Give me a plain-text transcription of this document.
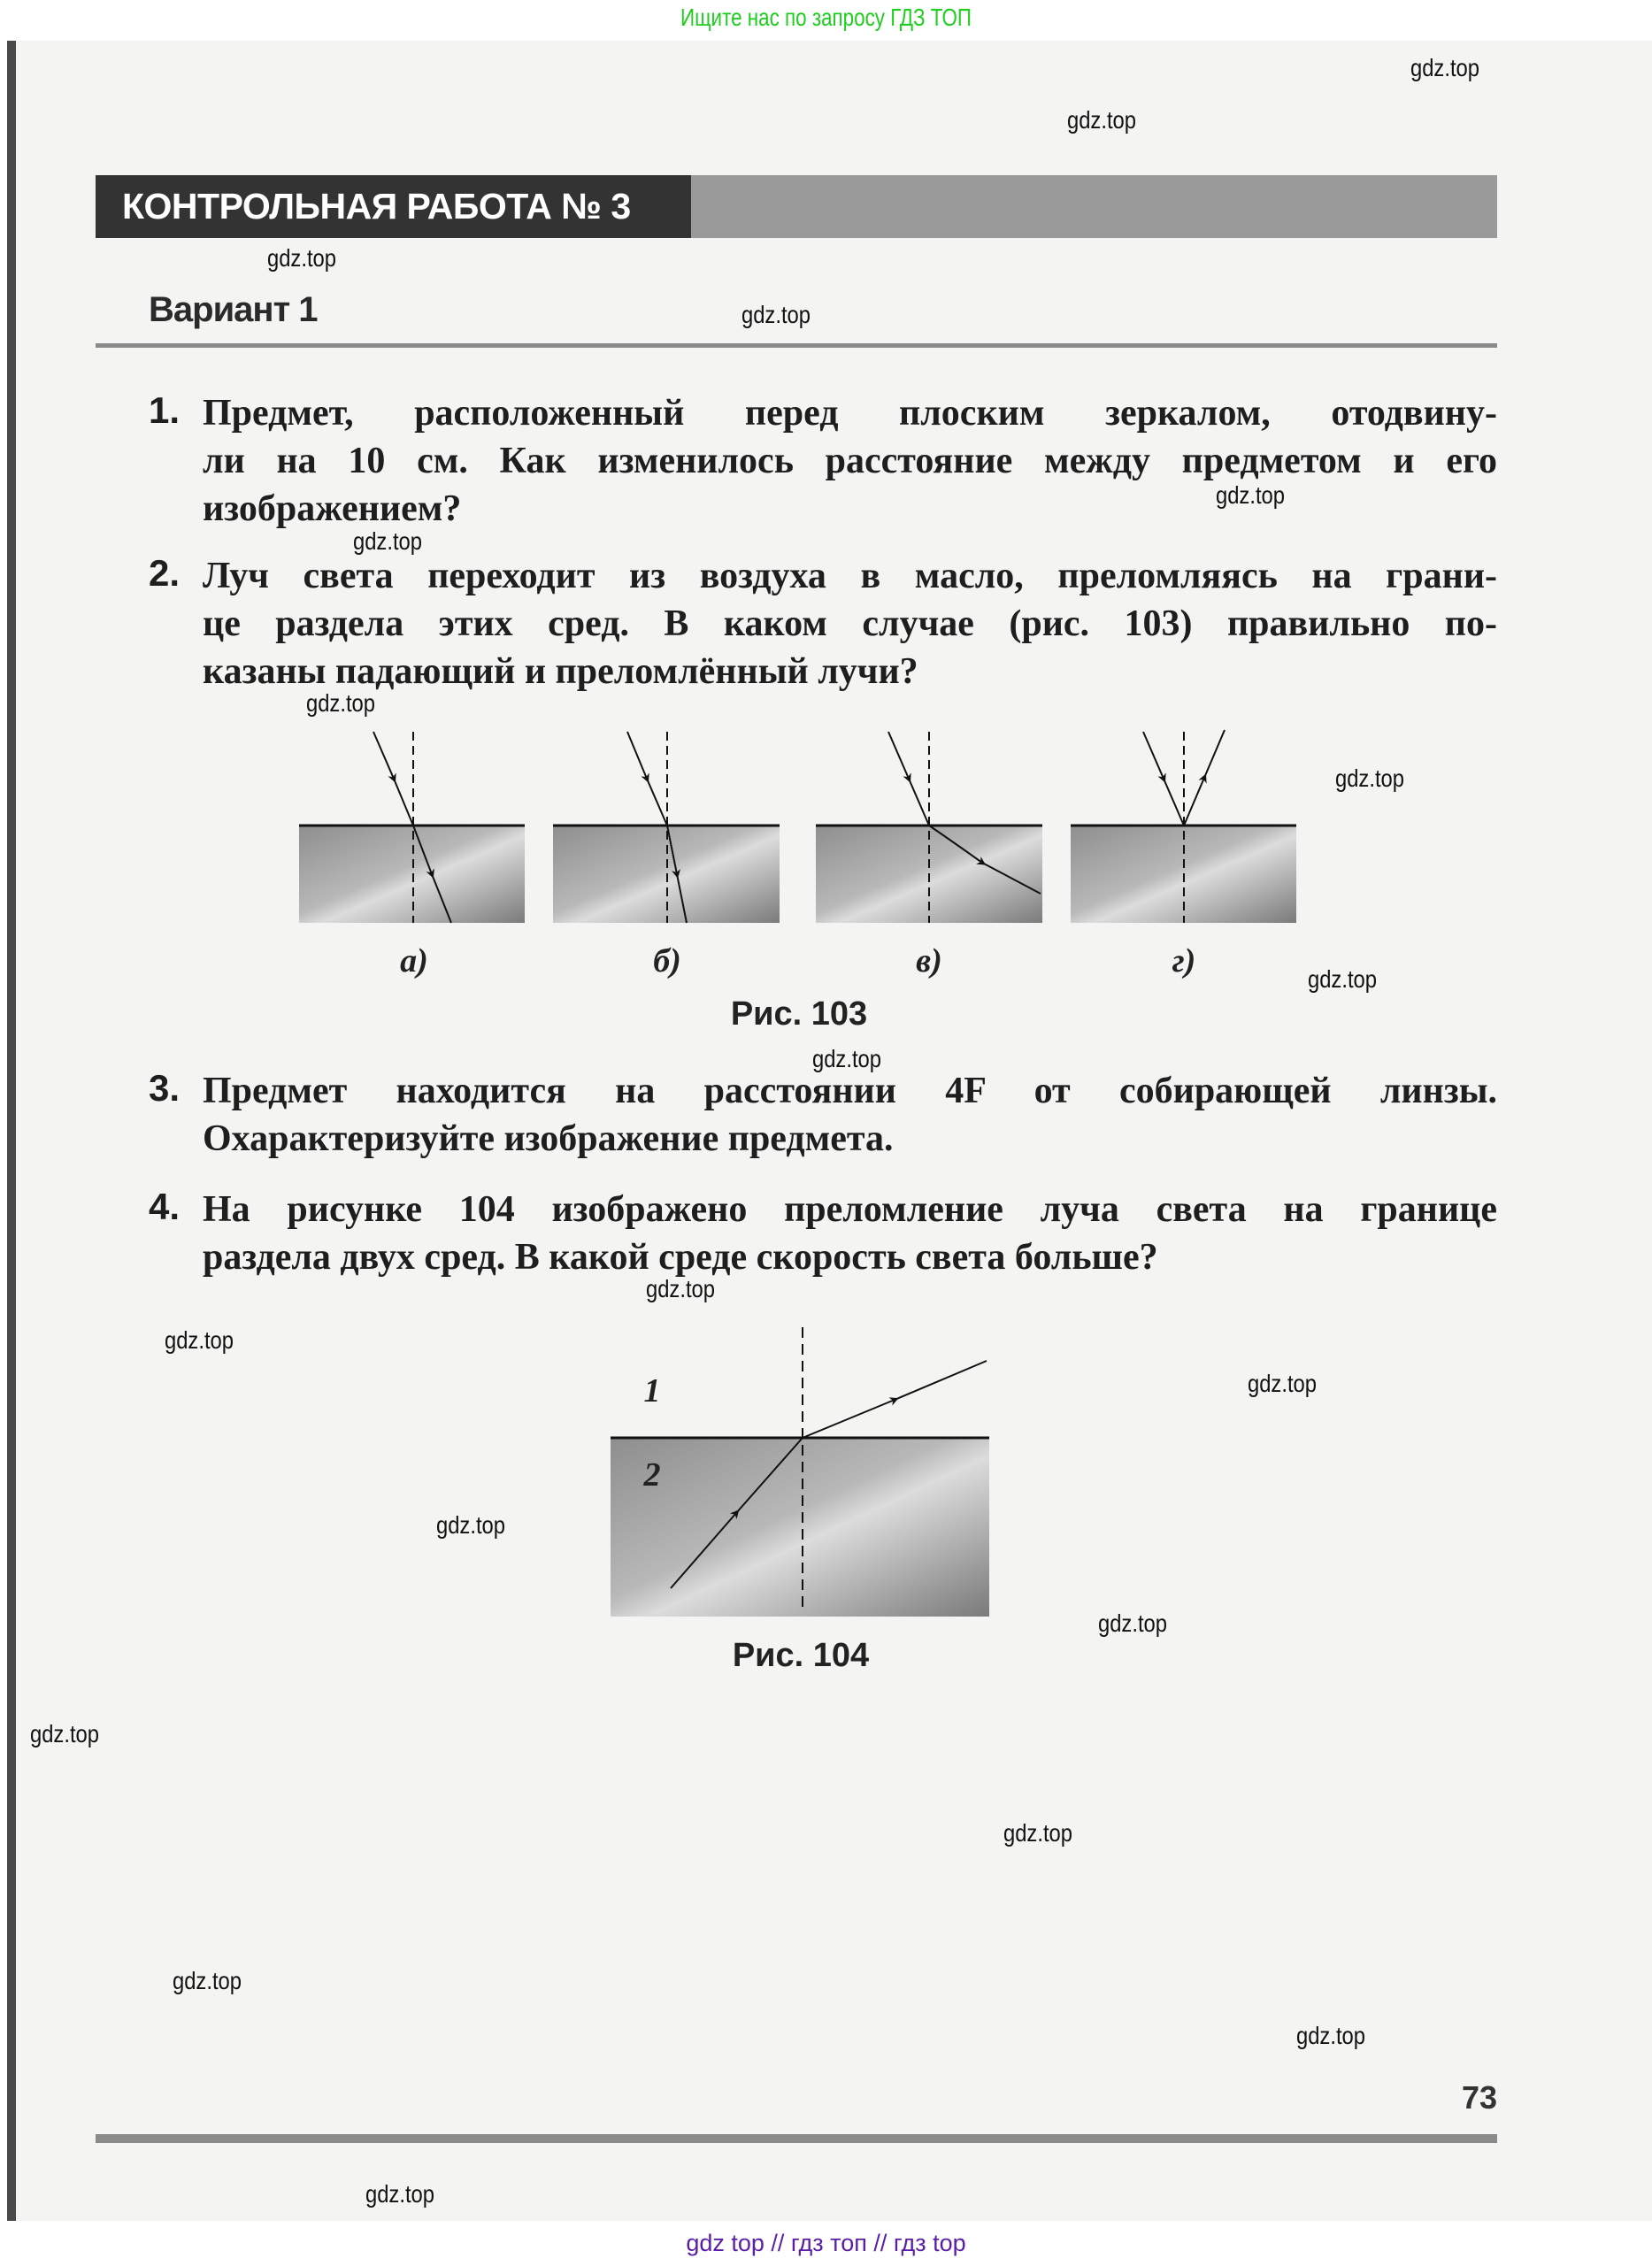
Ищите нас по запросу ГДЗ ТОП
КОНТРОЛЬНАЯ РАБОТА № 3
Вариант 1
1. Предмет, расположенный перед плоским зеркалом, отодвину-
ли на 10 см. Как изменилось расстояние между предметом и его
изображением?
2. Луч света переходит из воздуха в масло, преломляясь на грани-
це раздела этих сред. В каком случае (рис. 103) правильно по-
казаны падающий и преломлённый лучи?
3. Предмет находится на расстоянии 4F от собирающей линзы.
Охарактеризуйте изображение предмета.
4. На рисунке 104 изображено преломление луча света на границе
раздела двух сред. В какой среде скорость света больше?
а)	б)	в)	г)
Рис. 103
1
2
Рис. 104
73
gdz.top
gdz.top
gdz.top
gdz.top
gdz.top
gdz.top
gdz.top
gdz.top
gdz.top
gdz.top
gdz.top
gdz.top
gdz.top
gdz.top
gdz.top
gdz.top
gdz.top
gdz.top
gdz.top
gdz.top
gdz top // гдз топ // гдз top
